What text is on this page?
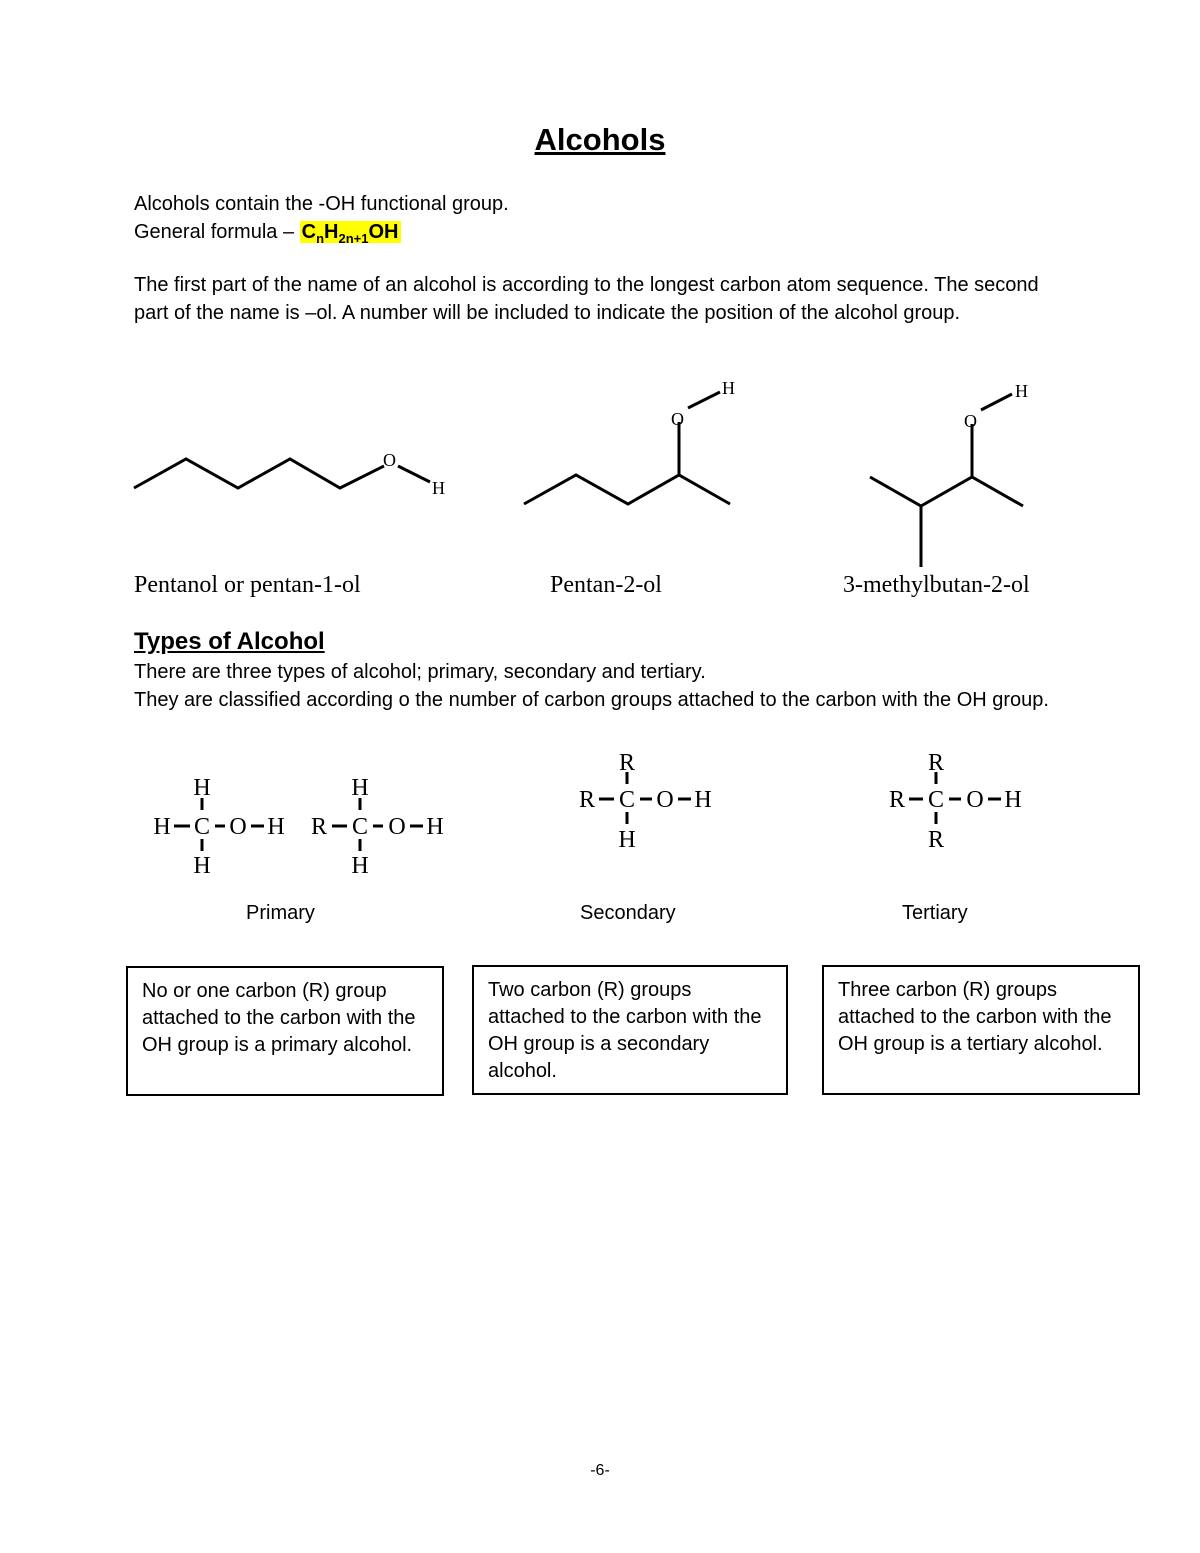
Alcohols
Alcohols contain the -OH functional group.
General formula – $C_nH_{2n+1}OH$
The first part of the name of an alcohol is according to the longest carbon atom sequence. The second part of the name is –ol. A number will be included to indicate the position of the alcohol group.
O
H
O
H
O
H
Pentanol or pentan-1-ol	Pentan-2-ol	3-methylbutan-2-ol
Types of Alcohol
There are three types of alcohol; primary, secondary and tertiary.
They are classified according o the number of carbon groups attached to the carbon with the OH group.
H
H C O H
H
H
R C O H
H
R
R C O H
H
R
R C O H
R
Primary	Secondary	Tertiary
No or one carbon (R) group attached to the carbon with the OH group is a primary alcohol.
Two carbon (R) groups attached to the carbon with the OH group is a secondary alcohol.
Three carbon (R) groups attached to the carbon with the OH group is a tertiary alcohol.
-6-
